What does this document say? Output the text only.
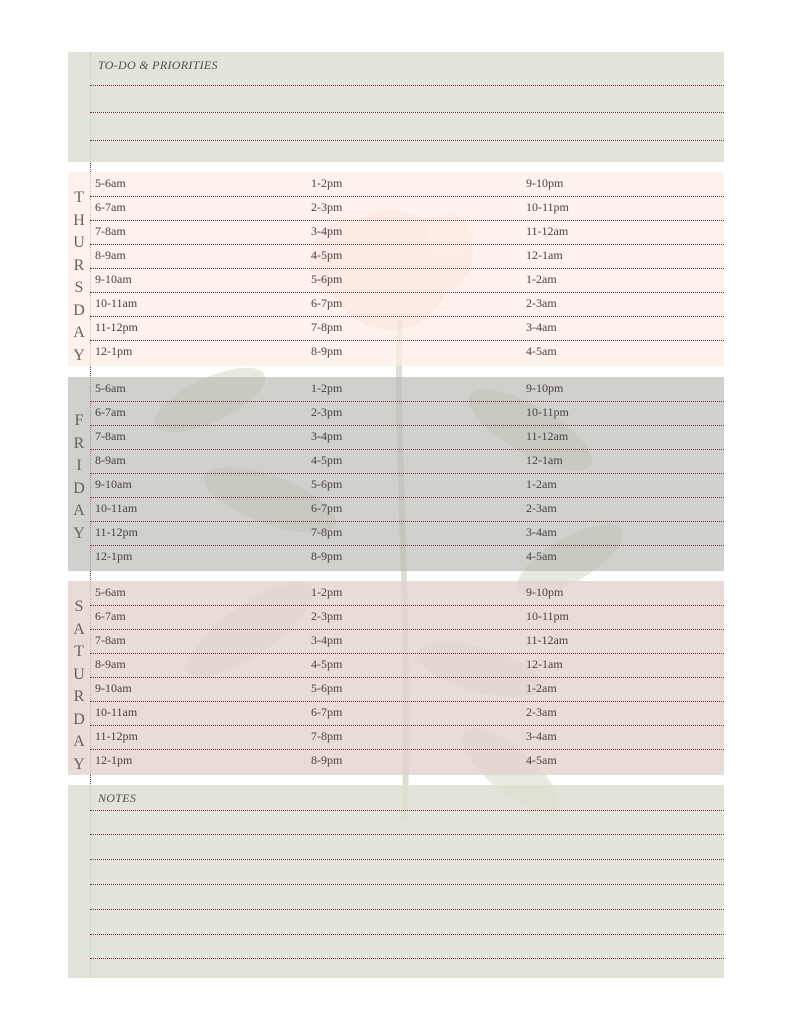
TO-DO & PRIORITIES
T
H
U
R
S
D
A
Y
5-6am	1-2pm	9-10pm
6-7am	2-3pm	10-11pm
7-8am	3-4pm	11-12am
8-9am	4-5pm	12-1am
9-10am	5-6pm	1-2am
10-11am	6-7pm	2-3am
11-12pm	7-8pm	3-4am
12-1pm	8-9pm	4-5am
F
R
I
D
A
Y
5-6am	1-2pm	9-10pm
6-7am	2-3pm	10-11pm
7-8am	3-4pm	11-12am
8-9am	4-5pm	12-1am
9-10am	5-6pm	1-2am
10-11am	6-7pm	2-3am
11-12pm	7-8pm	3-4am
12-1pm	8-9pm	4-5am
S
A
T
U
R
D
A
Y
5-6am	1-2pm	9-10pm
6-7am	2-3pm	10-11pm
7-8am	3-4pm	11-12am
8-9am	4-5pm	12-1am
9-10am	5-6pm	1-2am
10-11am	6-7pm	2-3am
11-12pm	7-8pm	3-4am
12-1pm	8-9pm	4-5am
NOTES
